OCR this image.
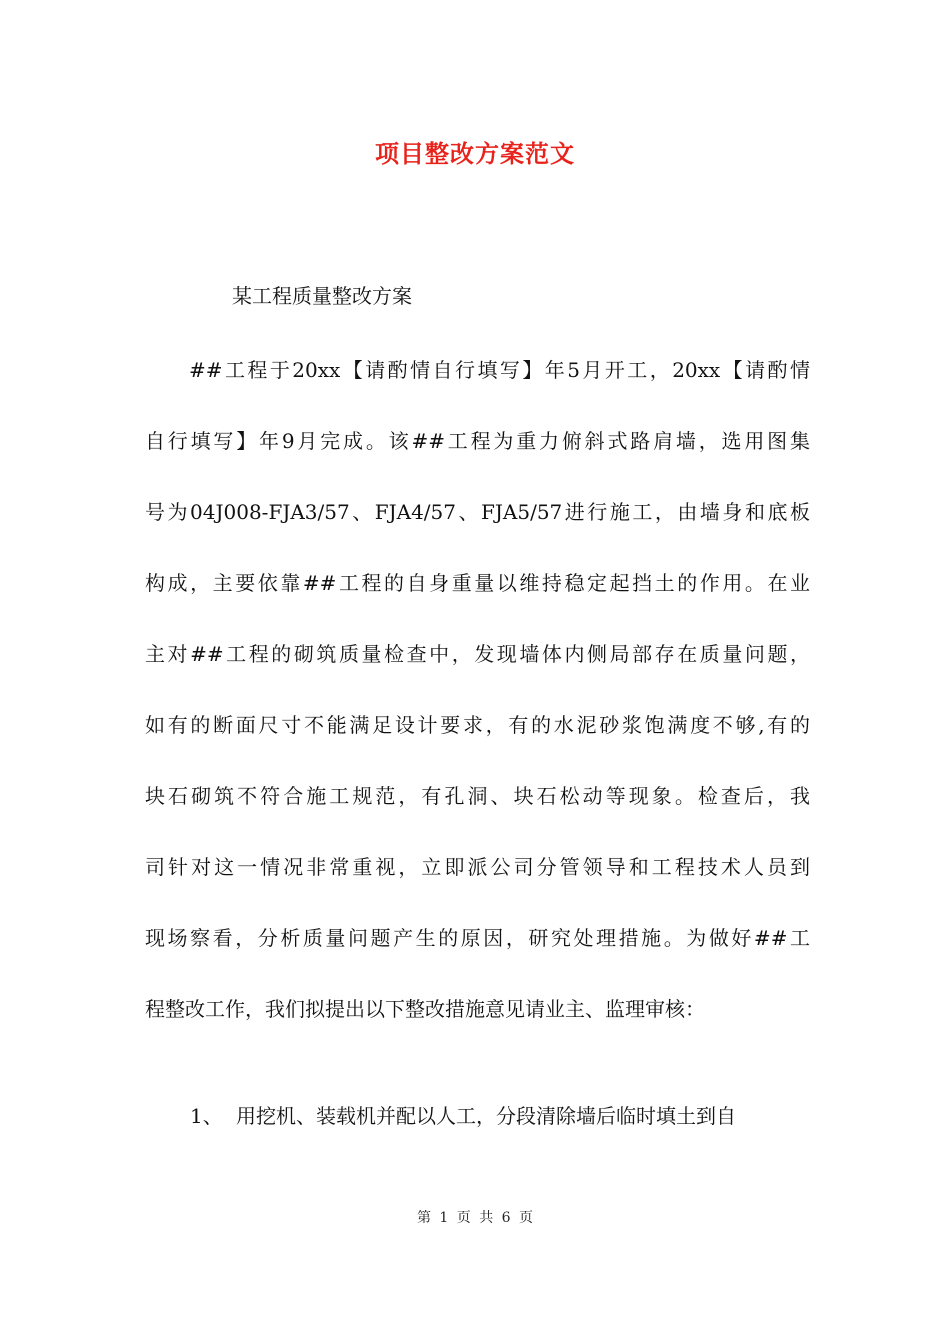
项目整改方案范文
某工程质量整改方案
##工程于20xx【请酌情自行填写】年5月开工，20xx【请酌情
自行填写】年9月完成。该##工程为重力俯斜式路肩墙，选用图集
号为04J008-FJA3/57、FJA4/57、FJA5/57进行施工，由墙身和底板
构成，主要依靠##工程的自身重量以维持稳定起挡土的作用。在业
主对##工程的砌筑质量检查中，发现墙体内侧局部存在质量问题，
如有的断面尺寸不能满足设计要求，有的水泥砂浆饱满度不够,有的
块石砌筑不符合施工规范，有孔洞、块石松动等现象。检查后，我
司针对这一情况非常重视，立即派公司分管领导和工程技术人员到
现场察看，分析质量问题产生的原因，研究处理措施。为做好##工
程整改工作，我们拟提出以下整改措施意见请业主、监理审核：
1、 用挖机、装载机并配以人工，分段清除墙后临时填土到自
第 1 页 共 6 页
